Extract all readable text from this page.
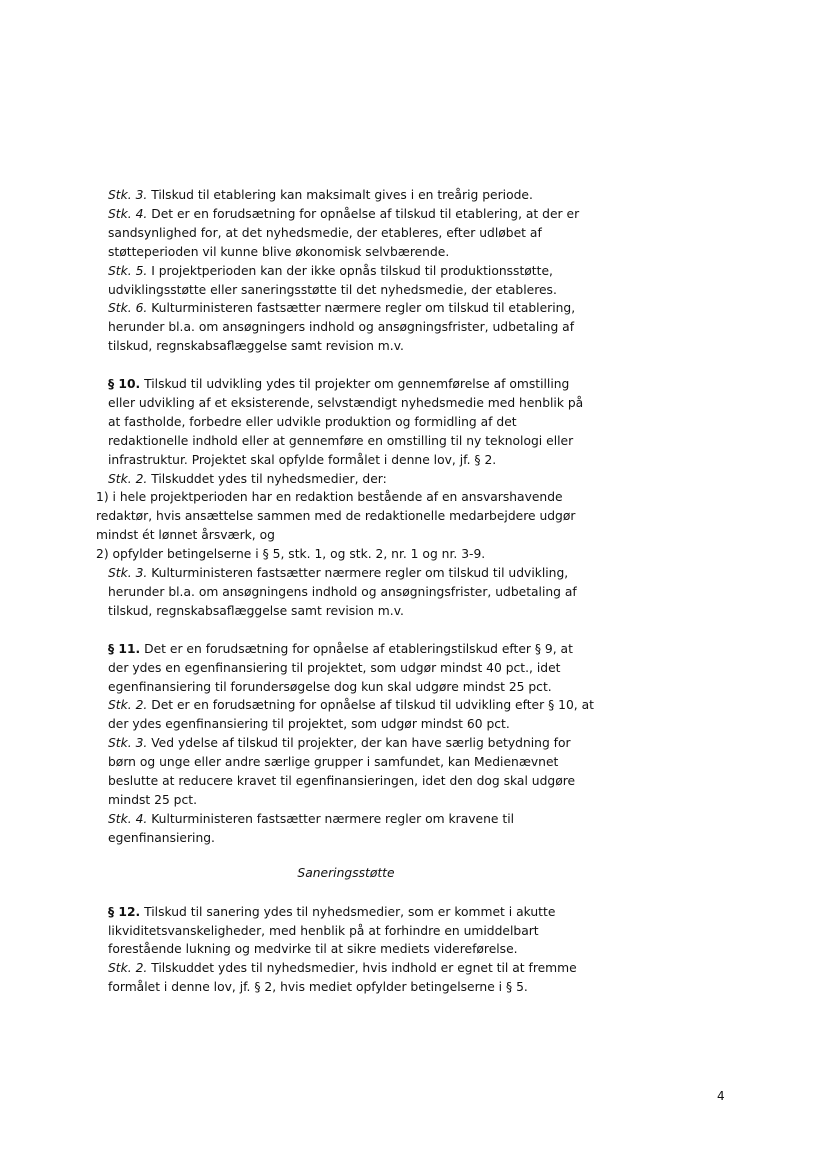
Stk. 3. Tilskud til etablering kan maksimalt gives i en treårig periode.

Stk. 4. Det er en forudsætning for opnåelse af tilskud til etablering, at der er sandsynlighed for, at det nyhedsmedie, der etableres, efter udløbet af støtteperioden vil kunne blive økonomisk selvbærende.

Stk. 5. I projektperioden kan der ikke opnås tilskud til produktionsstøtte, udviklingsstøtte eller saneringsstøtte til det nyhedsmedie, der etableres.

Stk. 6. Kulturministeren fastsætter nærmere regler om tilskud til etablering, herunder bl.a. om ansøgningers indhold og ansøgningsfrister, udbetaling af tilskud, regnskabsaflæggelse samt revision m.v.

§ 10. Tilskud til udvikling ydes til projekter om gennemførelse af omstilling eller udvikling af et eksisterende, selvstændigt nyhedsmedie med henblik på at fastholde, forbedre eller udvikle produktion og formidling af det redaktionelle indhold eller at gennemføre en omstilling til ny teknologi eller infrastruktur. Projektet skal opfylde formålet i denne lov, jf. § 2.

Stk. 2. Tilskuddet ydes til nyhedsmedier, der:

1) i hele projektperioden har en redaktion bestående af en ansvarshavende redaktør, hvis ansættelse sammen med de redaktionelle medarbejdere udgør mindst ét lønnet årsværk, og

2) opfylder betingelserne i § 5, stk. 1, og stk. 2, nr. 1 og nr. 3-9.

Stk. 3. Kulturministeren fastsætter nærmere regler om tilskud til udvikling, herunder bl.a. om ansøgningens indhold og ansøgningsfrister, udbetaling af tilskud, regnskabsaflæggelse samt revision m.v.

§ 11. Det er en forudsætning for opnåelse af etableringstilskud efter § 9, at der ydes en egenfinansiering til projektet, som udgør mindst 40 pct., idet egenfinansiering til forundersøgelse dog kun skal udgøre mindst 25 pct.

Stk. 2. Det er en forudsætning for opnåelse af tilskud til udvikling efter § 10, at der ydes egenfinansiering til projektet, som udgør mindst 60 pct.

Stk. 3. Ved ydelse af tilskud til projekter, der kan have særlig betydning for børn og unge eller andre særlige grupper i samfundet, kan Medienævnet beslutte at reducere kravet til egenfinansieringen, idet den dog skal udgøre mindst 25 pct.

Stk. 4. Kulturministeren fastsætter nærmere regler om kravene til egenfinansiering.

Saneringsstøtte

§ 12. Tilskud til sanering ydes til nyhedsmedier, som er kommet i akutte likviditetsvanskeligheder, med henblik på at forhindre en umiddelbart forestående lukning og medvirke til at sikre mediets videreførelse.

Stk. 2. Tilskuddet ydes til nyhedsmedier, hvis indhold er egnet til at fremme formålet i denne lov, jf. § 2, hvis mediet opfylder betingelserne i § 5.

4
